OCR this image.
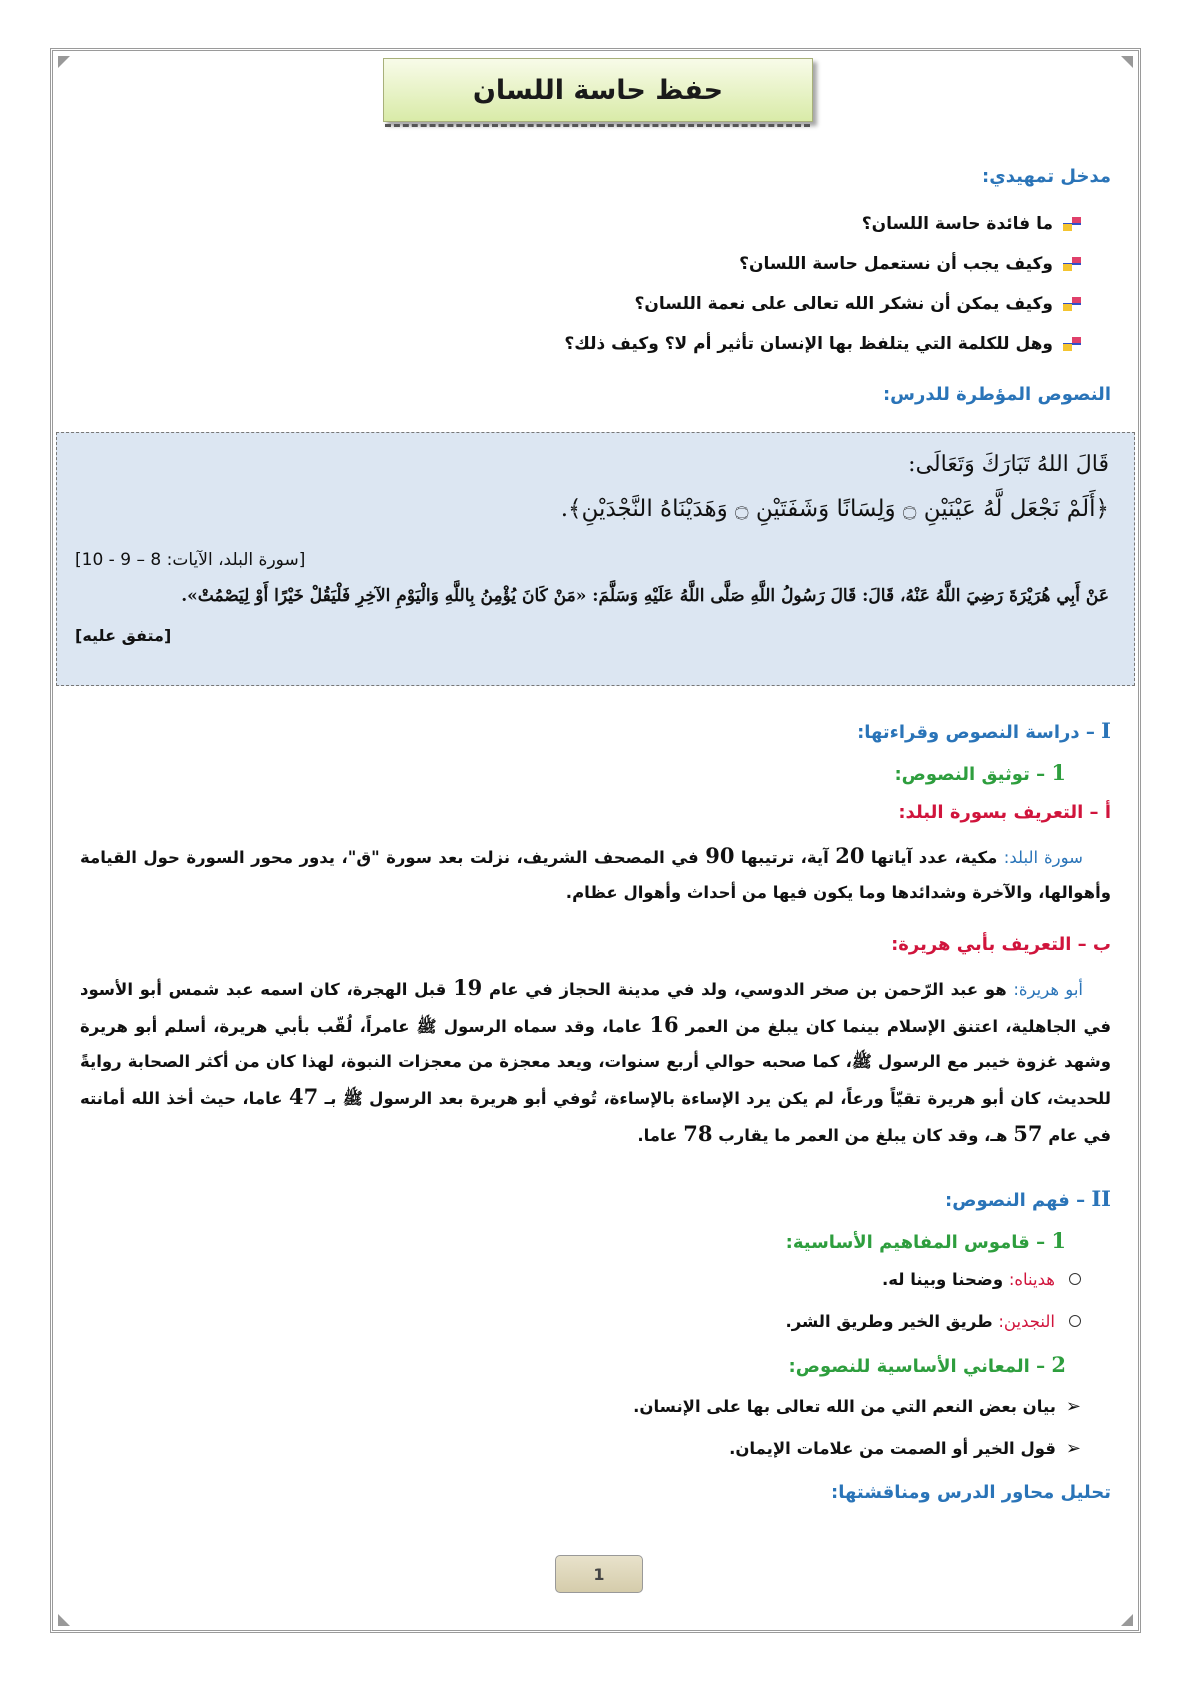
حفظ حاسة اللسان
مدخل تمهيدي:
ما فائدة حاسة اللسان؟
وكيف يجب أن نستعمل حاسة اللسان؟
وكيف يمكن أن نشكر الله تعالى على نعمة اللسان؟
وهل للكلمة التي يتلفظ بها الإنسان تأثير أم لا؟ وكيف ذلك؟
النصوص المؤطرة للدرس:
قَالَ اللهُ تَبَارَكَ وَتَعَالَى:
﴿أَلَمْ نَجْعَل لَّهُ عَيْنَيْنِ ۝ وَلِسَانًا وَشَفَتَيْنِ ۝ وَهَدَيْنَاهُ النَّجْدَيْنِ﴾.
[سورة البلد، الآيات: 8 – 9 - 10]
عَنْ أَبِي هُرَيْرَةَ رَضِيَ اللَّهُ عَنْهُ، قَالَ: قَالَ رَسُولُ اللَّهِ صَلَّى اللَّهُ عَلَيْهِ وَسَلَّمَ: «مَنْ كَانَ يُؤْمِنُ بِاللَّهِ وَالْيَوْمِ الآخِرِ فَلْيَقُلْ خَيْرًا أَوْ لِيَصْمُتْ».
[متفق عليه]
I – دراسة النصوص وقراءتها:
1 – توثيق النصوص:
أ – التعريف بسورة البلد:
سورة البلد: مكية، عدد آياتها 20 آية، ترتيبها 90 في المصحف الشريف، نزلت بعد سورة "ق"، يدور محور السورة حول القيامة وأهوالها، والآخرة وشدائدها وما يكون فيها من أحداث وأهوال عظام.
ب – التعريف بأبي هريرة:
أبو هريرة: هو عبد الرّحمن بن صخر الدوسي، ولد في مدينة الحجاز في عام 19 قبل الهجرة، كان اسمه عبد شمس أبو الأسود في الجاهلية، اعتنق الإسلام بينما كان يبلغ من العمر 16 عاما، وقد سماه الرسول ﷺ عامراً، لُقّب بأبي هريرة، أسلم أبو هريرة وشهد غزوة خيبر مع الرسول ﷺ، كما صحبه حوالي أربع سنوات، ويعد معجزة من معجزات النبوة، لهذا كان من أكثر الصحابة روايةً للحديث، كان أبو هريرة تقيّاً ورعاً، لم يكن يرد الإساءة بالإساءة، تُوفي أبو هريرة بعد الرسول ﷺ بـ 47 عاما، حيث أخذ الله أمانته في عام 57 هـ، وقد كان يبلغ من العمر ما يقارب 78 عاما.
II – فهم النصوص:
1 – قاموس المفاهيم الأساسية:
هديناه: وضحنا وبينا له.
النجدين: طريق الخير وطريق الشر.
2 – المعاني الأساسية للنصوص:
➢بيان بعض النعم التي من الله تعالى بها على الإنسان.
➢قول الخير أو الصمت من علامات الإيمان.
تحليل محاور الدرس ومناقشتها:
1
